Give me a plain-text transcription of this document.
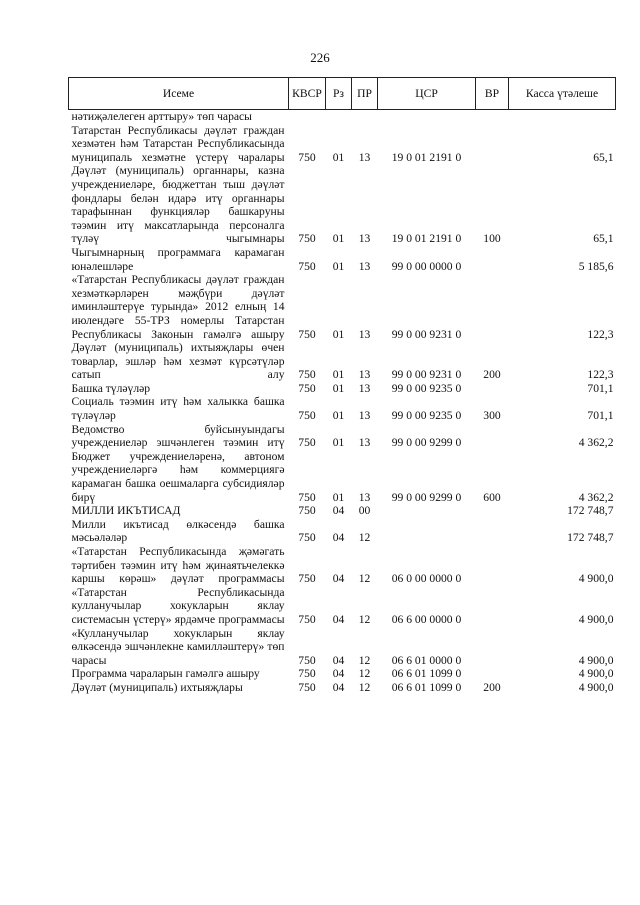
226
Исеме	КВСР	Рз	ПР	ЦСР	ВР	Касса үтәлеше
нәтиҗәлелеген арттыру» төп чарасы						
Татарстан Республикасы дәүләт граждан хезмәтен һәм Татарстан Республикасында муниципаль хезмәтне үстерү чаралары	750	01	13	19 0 01 2191 0		65,1
Дәүләт (муниципаль) органнары, казна учреждениеләре, бюджеттан тыш дәүләт фондлары белән идарә итү органнары тарафыннан функцияләр башкаруны тәэмин итү максатларында персоналга түләү чыгымнары	750	01	13	19 0 01 2191 0	100	65,1
Чыгымнарның программага карамаган юнәлешләре	750	01	13	99 0 00 0000 0		5 185,6
«Татарстан Республикасы дәүләт граждан хезмәткәрләрен мәҗбүри дәүләт иминләштерүе турында» 2012 елның 14 июлендәге 55-ТРЗ номерлы Татарстан Республикасы Законын гамәлгә ашыру	750	01	13	99 0 00 9231 0		122,3
Дәүләт (муниципаль) ихтыяҗлары өчен товарлар, эшләр һәм хезмәт күрсәтүләр сатып алу	750	01	13	99 0 00 9231 0	200	122,3
Башка түләүләр	750	01	13	99 0 00 9235 0		701,1
Социаль тәэмин итү һәм халыкка башка түләүләр	750	01	13	99 0 00 9235 0	300	701,1
Ведомство буйсынуындагы учреждениеләр эшчәнлеген тәэмин итү	750	01	13	99 0 00 9299 0		4 362,2
Бюджет учреждениеләренә, автоном учреждениеләргә һәм коммерциягә карамаган башка оешмаларга субсидияләр бирү	750	01	13	99 0 00 9299 0	600	4 362,2
МИЛЛИ ИКЪТИСАД	750	04	00			172 748,7
Милли икътисад өлкәсендә башка мәсьәләләр	750	04	12			172 748,7
«Татарстан Республикасында җәмәгать тәртибен тәэмин итү һәм җинаятьчелеккә каршы көрәш» дәүләт программасы	750	04	12	06 0 00 0000 0		4 900,0
«Татарстан Республикасында кулланучылар хокукларын яклау системасын үстерү» ярдәмче программасы	750	04	12	06 6 00 0000 0		4 900,0
«Кулланучылар хокукларын яклау өлкәсендә эшчәнлекне камилләштерү» төп чарасы	750	04	12	06 6 01 0000 0		4 900,0
Программа чараларын гамәлгә ашыру	750	04	12	06 6 01 1099 0		4 900,0
Дәүләт (муниципаль) ихтыяҗлары	750	04	12	06 6 01 1099 0	200	4 900,0
